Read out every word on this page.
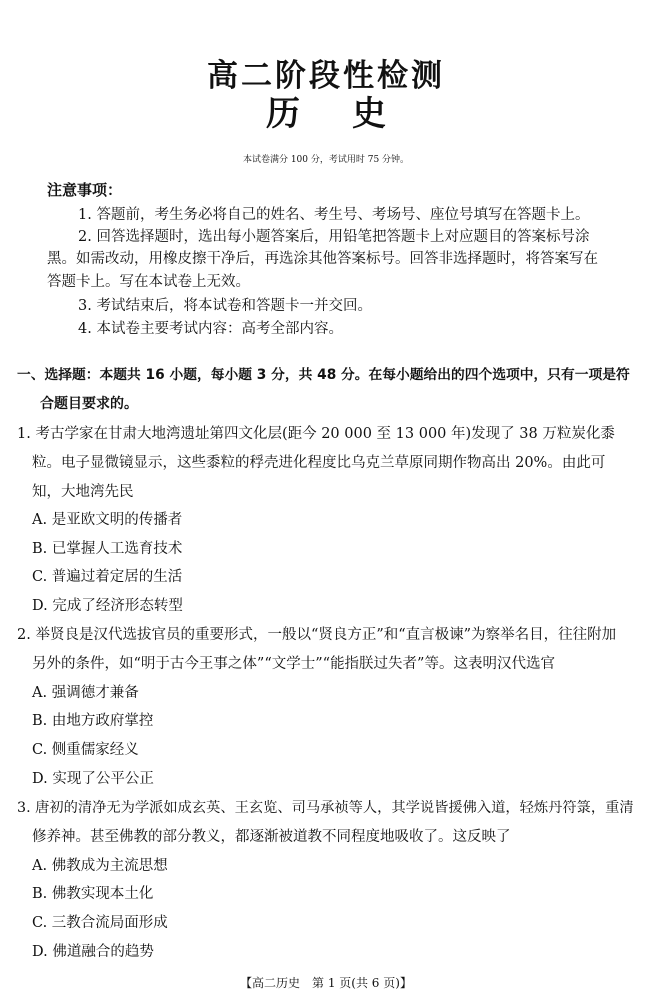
高二阶段性检测
历 史
本试卷满分 100 分，考试用时 75 分钟。
注意事项：
1. 答题前，考生务必将自己的姓名、考生号、考场号、座位号填写在答题卡上。
2. 回答选择题时，选出每小题答案后，用铅笔把答题卡上对应题目的答案标号涂
黑。如需改动，用橡皮擦干净后，再选涂其他答案标号。回答非选择题时，将答案写在
答题卡上。写在本试卷上无效。
3. 考试结束后，将本试卷和答题卡一并交回。
4. 本试卷主要考试内容：高考全部内容。
一、选择题：本题共 16 小题，每小题 3 分，共 48 分。在每小题给出的四个选项中，只有一项是符
合题目要求的。
1. 考古学家在甘肃大地湾遗址第四文化层(距今 20 000 至 13 000 年)发现了 38 万粒炭化黍
粒。电子显微镜显示，这些黍粒的稃壳进化程度比乌克兰草原同期作物高出 20%。由此可
知，大地湾先民
A. 是亚欧文明的传播者
B. 已掌握人工选育技术
C. 普遍过着定居的生活
D. 完成了经济形态转型
2. 举贤良是汉代选拔官员的重要形式，一般以“贤良方正”和“直言极谏”为察举名目，往往附加
另外的条件，如“明于古今王事之体”“文学士”“能指朕过失者”等。这表明汉代选官
A. 强调德才兼备
B. 由地方政府掌控
C. 侧重儒家经义
D. 实现了公平公正
3. 唐初的清净无为学派如成玄英、王玄览、司马承祯等人，其学说皆援佛入道，轻炼丹符箓，重清
修养神。甚至佛教的部分教义，都逐渐被道教不同程度地吸收了。这反映了
A. 佛教成为主流思想
B. 佛教实现本土化
C. 三教合流局面形成
D. 佛道融合的趋势
【高二历史　第 1 页(共 6 页)】
